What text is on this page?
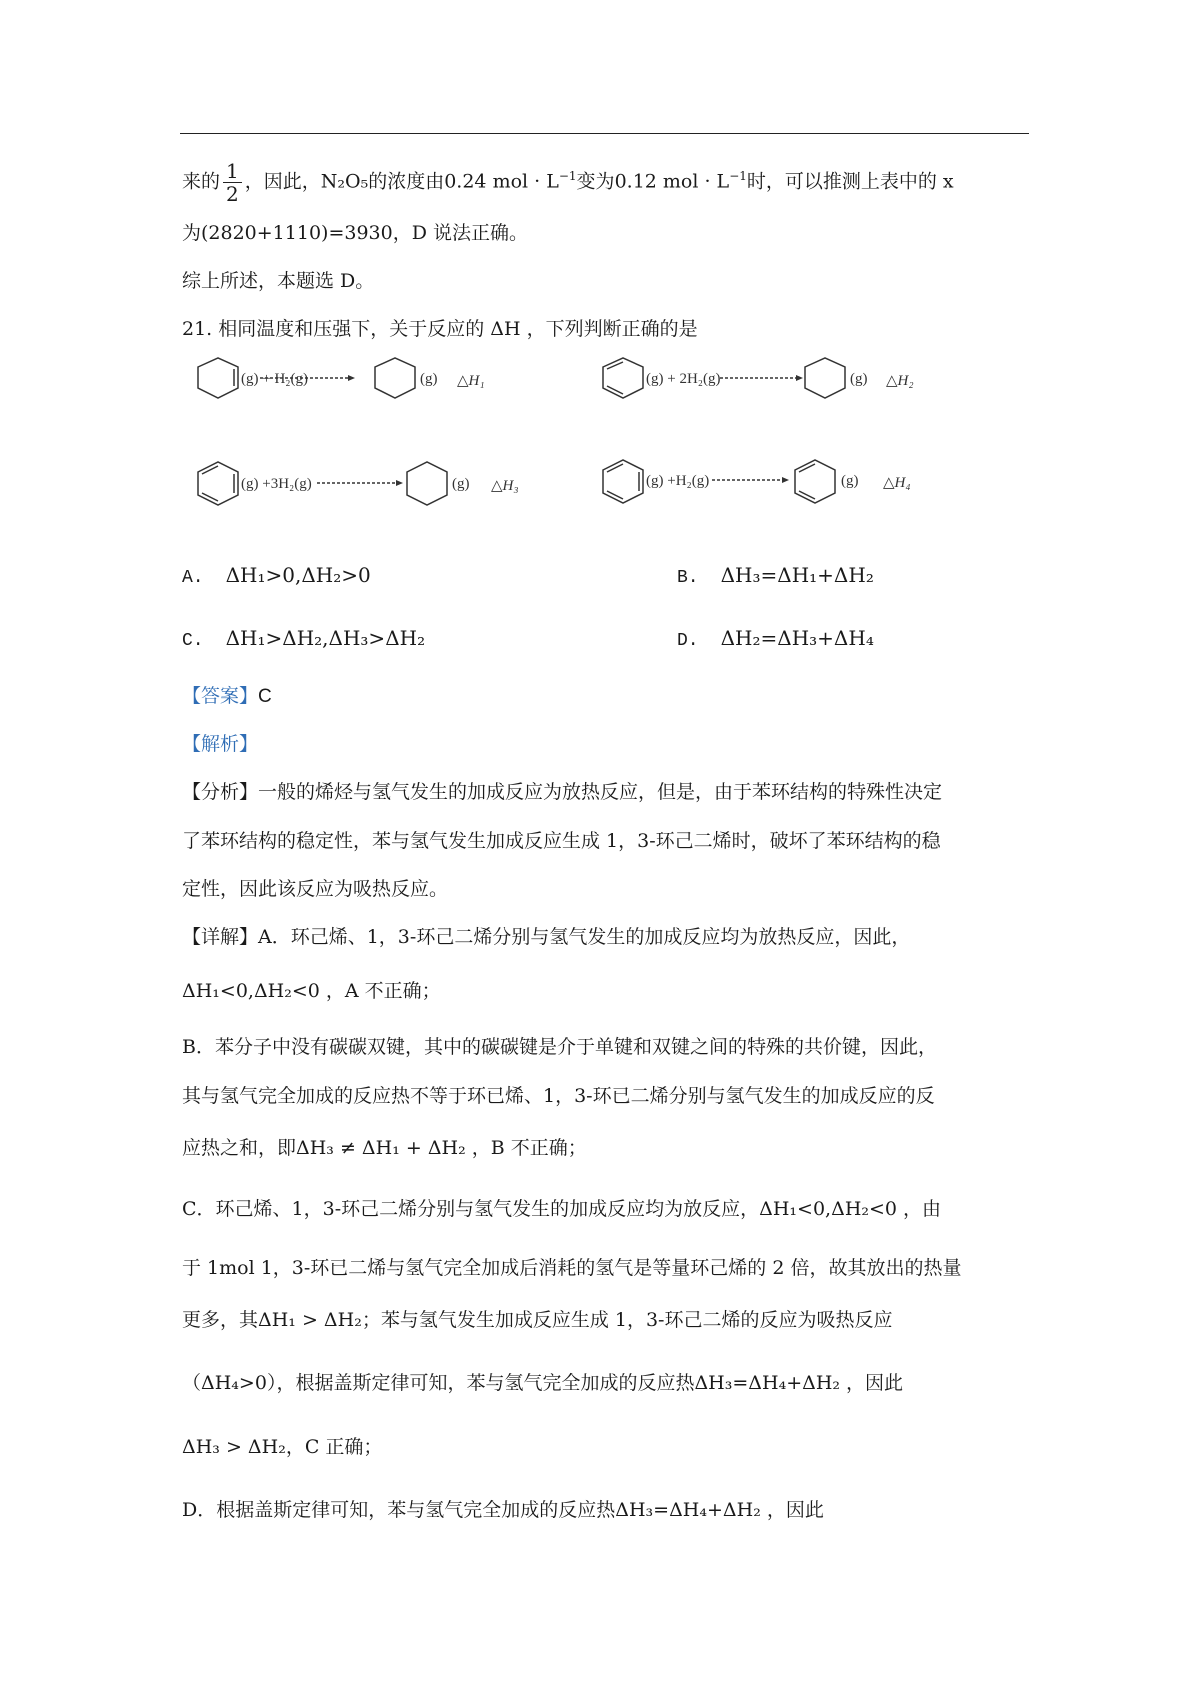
来的 $\frac{1}{2}$ ，因此，N₂O₅的浓度由0.24 mol · $L^{-1}$变为0.12 mol · $L^{-1}$时，可以推测上表中的 x
为(2820+1110)=3930，D 说法正确。
综上所述，本题选 D。
21. 相同温度和压强下，关于反应的 ΔH ，下列判断正确的是
(g) + H₂(g)	(g) △H₁	(g) + 2H₂(g)	(g) △H₂
(g) +3H₂(g)	(g) △H₃	(g) +H₂(g)	(g) △H₄
A. ΔH₁>0,ΔH₂>0	B. ΔH₃=ΔH₁+ΔH₂
C. ΔH₁>ΔH₂,ΔH₃>ΔH₂	D. ΔH₂=ΔH₃+ΔH₄
【答案】C
【解析】
【分析】一般的烯烃与氢气发生的加成反应为放热反应，但是，由于苯环结构的特殊性决定
了苯环结构的稳定性，苯与氢气发生加成反应生成 1，3-环己二烯时，破坏了苯环结构的稳
定性，因此该反应为吸热反应。
【详解】A．环己烯、1，3-环己二烯分别与氢气发生的加成反应均为放热反应，因此，
ΔH₁<0,ΔH₂<0 ，A 不正确；
B．苯分子中没有碳碳双键，其中的碳碳键是介于单键和双键之间的特殊的共价键，因此，
其与氢气完全加成的反应热不等于环已烯、1，3-环已二烯分别与氢气发生的加成反应的反
应热之和，即ΔH₃ ≠ ΔH₁ + ΔH₂ ，B 不正确；
C．环己烯、1，3-环己二烯分别与氢气发生的加成反应均为放反应，ΔH₁<0,ΔH₂<0 ，由
于 1mol 1，3-环已二烯与氢气完全加成后消耗的氢气是等量环己烯的 2 倍，故其放出的热量
更多，其ΔH₁ > ΔH₂；苯与氢气发生加成反应生成 1，3-环己二烯的反应为吸热反应
（ΔH₄>0），根据盖斯定律可知，苯与氢气完全加成的反应热ΔH₃=ΔH₄+ΔH₂ ，因此
ΔH₃ > ΔH₂，C 正确；
D．根据盖斯定律可知，苯与氢气完全加成的反应热ΔH₃=ΔH₄+ΔH₂ ，因此
